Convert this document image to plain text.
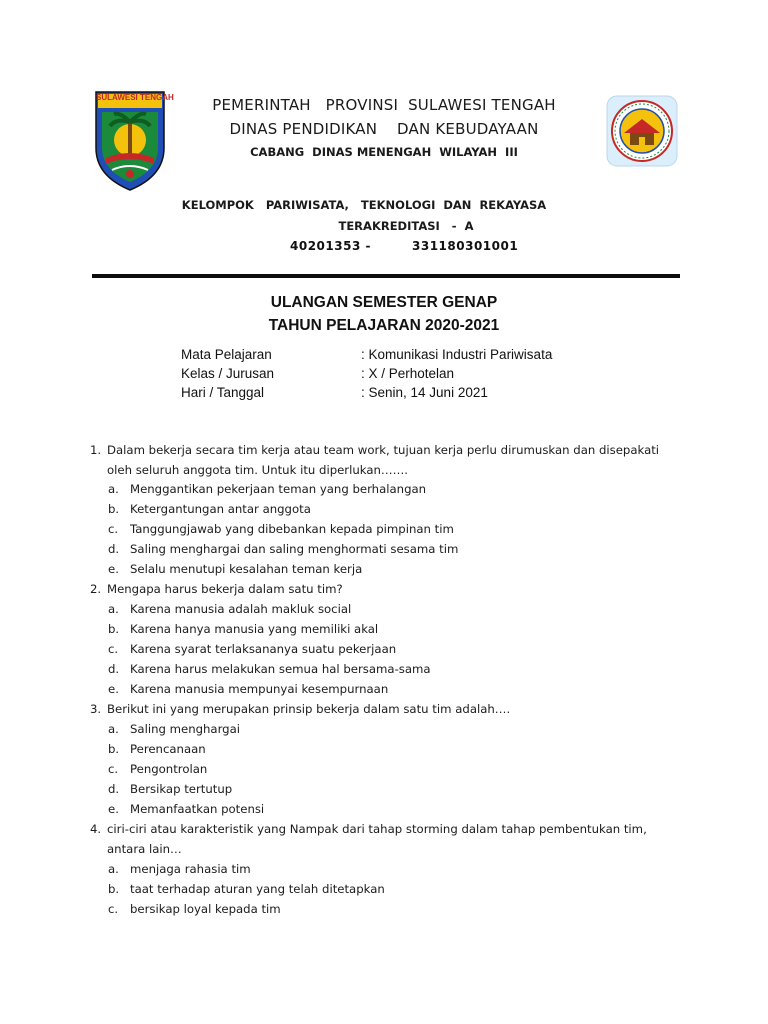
SULAWESI TENGAH	PEMERINTAH   PROVINSI  SULAWESI TENGAH
DINAS PENDIDIKAN    DAN KEBUDAYAAN
CABANG  DINAS MENENGAH  WILAYAH  III
KELOMPOK   PARIWISATA,   TEKNOLOGI  DAN  REKAYASA
TERAKREDITASI   -  A
40201353 -	331180301001
ULANGAN SEMESTER GENAP
TAHUN PELAJARAN 2020-2021
Mata Pelajaran	: Komunikasi Industri Pariwisata
Kelas / Jurusan	: X / Perhotelan
Hari / Tanggal	: Senin, 14 Juni 2021
1. Dalam bekerja secara tim kerja atau team work, tujuan kerja perlu dirumuskan dan disepakati oleh seluruh anggota tim. Untuk itu diperlukan…….
a. Menggantikan pekerjaan teman yang berhalangan
b. Ketergantungan antar anggota
c. Tanggungjawab yang dibebankan kepada pimpinan tim
d. Saling menghargai dan saling menghormati sesama tim
e. Selalu menutupi kesalahan teman kerja
2. Mengapa harus bekerja dalam satu tim?
a. Karena manusia adalah makluk social
b. Karena hanya manusia yang memiliki akal
c. Karena syarat terlaksananya suatu pekerjaan
d. Karena harus melakukan semua hal bersama-sama
e. Karena manusia mempunyai kesempurnaan
3. Berikut ini yang merupakan prinsip bekerja dalam satu tim adalah….
a. Saling menghargai
b. Perencanaan
c. Pengontrolan
d. Bersikap tertutup
e. Memanfaatkan potensi
4. ciri-ciri atau karakteristik yang Nampak dari tahap storming dalam tahap pembentukan tim, antara lain…
a. menjaga rahasia tim
b. taat terhadap aturan yang telah ditetapkan
c. bersikap loyal kepada tim
